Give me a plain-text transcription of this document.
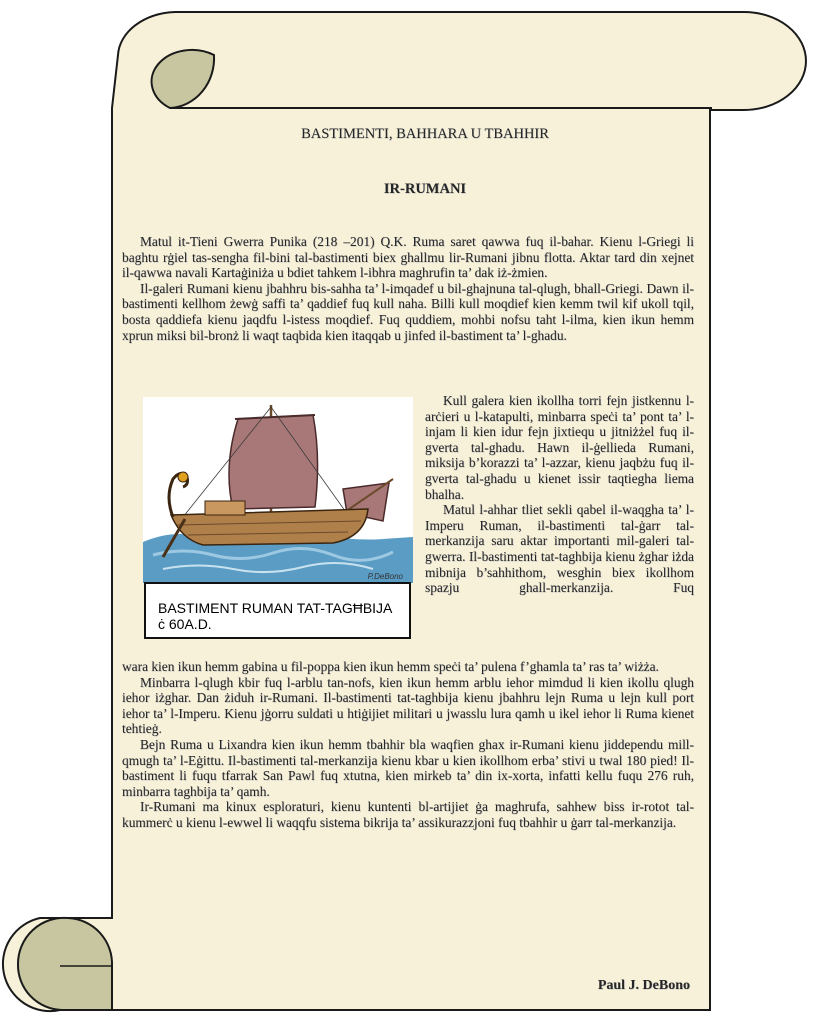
BASTIMENTI, BAHHARA U TBAHHIR
IR-RUMANI

Matul it-Tieni Gwerra Punika (218 –201) Q.K. Ruma saret qawwa fuq il-bahar. Kienu l-Griegi li baghtu rġiel tas-sengha fil-bini tal-bastimenti biex ghallmu lir-Rumani jibnu flotta. Aktar tard din xejnet il-qawwa navali Kartaġiniża u bdiet tahkem l-ibhra maghrufin ta’ dak iż-żmien.

Il-galeri Rumani kienu jbahhru bis-sahha ta’ l-imqadef u bil-ghajnuna tal-qlugh, bhall-Griegi. Dawn il-bastimenti kellhom żewġ saffi ta’ qaddief fuq kull naha. Billi kull moqdief kien kemm twil kif ukoll tqil, bosta qaddiefa kienu jaqdfu l-istess moqdief. Fuq quddiem, mohbi nofsu taht l-ilma, kien ikun hemm xprun miksi bil-bronż li waqt taqbida kien itaqqab u jinfed il-bastiment ta’ l-ghadu.

P.DeBono
BASTIMENT RUMAN TAT-TAGĦBIJA ċ 60A.D.

Kull galera kien ikollha torri fejn jistkennu l-arċieri u l-katapulti, minbarra speċi ta’ pont ta’ l-injam li kien idur fejn jixtiequ u jitniżżel fuq il-gverta tal-ghadu. Hawn il-ġellieda Rumani, miksija b’korazzi ta’ l-azzar, kienu jaqbżu fuq il-gverta tal-ghadu u kienet issir taqtiegha liema bhalha.

Matul l-ahhar tliet sekli qabel il-waqgha ta’ l-Imperu Ruman, il-bastimenti tal-ġarr tal-merkanzija saru aktar importanti mil-galeri tal-gwerra. Il-bastimenti tat-taghbija kienu żghar iżda mibnija b’sahhithom, wesghin biex ikollhom spazju ghall-merkanzija. Fuq

wara kien ikun hemm gabina u fil-poppa kien ikun hemm speċi ta’ pulena f’ghamla ta’ ras ta’ wiżża.

Minbarra l-qlugh kbir fuq l-arblu tan-nofs, kien ikun hemm arblu iehor mimdud li kien ikollu qlugh iehor iżghar. Dan żiduh ir-Rumani. Il-bastimenti tat-taghbija kienu jbahhru lejn Ruma u lejn kull port iehor ta’ l-Imperu. Kienu jġorru suldati u htiġijiet militari u jwasslu lura qamh u ikel iehor li Ruma kienet tehtieġ.

Bejn Ruma u Lixandra kien ikun hemm tbahhir bla waqfien ghax ir-Rumani kienu jiddependu mill-qmugh ta’ l-Eġittu. Il-bastimenti tal-merkanzija kienu kbar u kien ikollhom erba’ stivi u twal 180 pied! Il-bastiment li fuqu tfarrak San Pawl fuq xtutna, kien mirkeb ta’ din ix-xorta, infatti kellu fuqu 276 ruh, minbarra taghbija ta’ qamh.

Ir-Rumani ma kinux esploraturi, kienu kuntenti bl-artijiet ġa maghrufa, sahhew biss ir-rotot tal-kummerċ u kienu l-ewwel li waqqfu sistema bikrija ta’ assikurazzjoni fuq tbahhir u ġarr tal-merkanzija.

Paul J. DeBono
